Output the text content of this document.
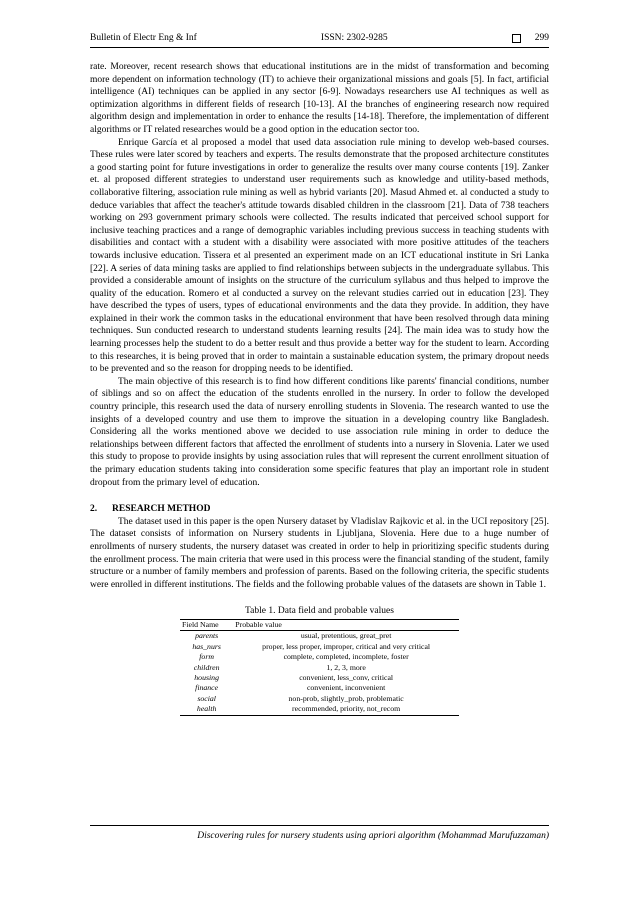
Bulletin of Electr Eng & Inf	ISSN: 2302-9285	299

rate. Moreover, recent research shows that educational institutions are in the midst of transformation and becoming more dependent on information technology (IT) to achieve their organizational missions and goals [5]. In fact, artificial intelligence (AI) techniques can be applied in any sector [6-9]. Nowadays researchers use AI techniques as well as optimization algorithms in different fields of research [10-13]. AI the branches of engineering research now required algorithm design and implementation in order to enhance the results [14-18]. Therefore, the implementation of different algorithms or IT related researches would be a good option in the education sector too.

Enrique García et al proposed a model that used data association rule mining to develop web-based courses. These rules were later scored by teachers and experts. The results demonstrate that the proposed architecture constitutes a good starting point for future investigations in order to generalize the results over many course contents [19]. Zanker et. al proposed different strategies to understand user requirements such as knowledge and utility-based methods, collaborative filtering, association rule mining as well as hybrid variants [20]. Masud Ahmed et. al conducted a study to deduce variables that affect the teacher's attitude towards disabled children in the classroom [21]. Data of 738 teachers working on 293 government primary schools were collected. The results indicated that perceived school support for inclusive teaching practices and a range of demographic variables including previous success in teaching students with disabilities and contact with a student with a disability were associated with more positive attitudes of the teachers towards inclusive education. Tissera et al presented an experiment made on an ICT educational institute in Sri Lanka [22]. A series of data mining tasks are applied to find relationships between subjects in the undergraduate syllabus. This provided a considerable amount of insights on the structure of the curriculum syllabus and thus helped to improve the quality of the education. Romero et al conducted a survey on the relevant studies carried out in education [23]. They have described the types of users, types of educational environments and the data they provide. In addition, they have explained in their work the common tasks in the educational environment that have been resolved through data mining techniques. Sun conducted research to understand students learning results [24]. The main idea was to study how the learning processes help the student to do a better result and thus provide a better way for the student to learn. According to this researches, it is being proved that in order to maintain a sustainable education system, the primary dropout needs to be prevented and so the reason for dropping needs to be identified.

The main objective of this research is to find how different conditions like parents' financial conditions, number of siblings and so on affect the education of the students enrolled in the nursery. In order to follow the developed country principle, this research used the data of nursery enrolling students in Slovenia. The research wanted to use the insights of a developed country and use them to improve the situation in a developing country like Bangladesh. Considering all the works mentioned above we decided to use association rule mining in order to deduce the relationships between different factors that affected the enrollment of students into a nursery in Slovenia. Later we used this study to propose to provide insights by using association rules that will represent the current enrollment situation of the primary education students taking into consideration some specific features that play an important role in student dropout from the primary level of education.

2. RESEARCH METHOD

The dataset used in this paper is the open Nursery dataset by Vladislav Rajkovic et al. in the UCI repository [25]. The dataset consists of information on Nursery students in Ljubljana, Slovenia. Here due to a huge number of enrollments of nursery students, the nursery dataset was created in order to help in prioritizing specific students during the enrollment process. The main criteria that were used in this process were the financial standing of the student, family structure or a number of family members and profession of parents. Based on the following criteria, the specific students were enrolled in different institutions. The fields and the following probable values of the datasets are shown in Table 1.

Table 1. Data field and probable values
Field Name	Probable value
parents	usual, pretentious, great_pret
has_nurs	proper, less proper, improper, critical and very critical
form	complete, completed, incomplete, foster
children	1, 2, 3, more
housing	convenient, less_conv, critical
finance	convenient, inconvenient
social	non-prob, slightly_prob, problematic
health	recommended, priority, not_recom
Discovering rules for nursery students using apriori algorithm (Mohammad Marufuzzaman)
